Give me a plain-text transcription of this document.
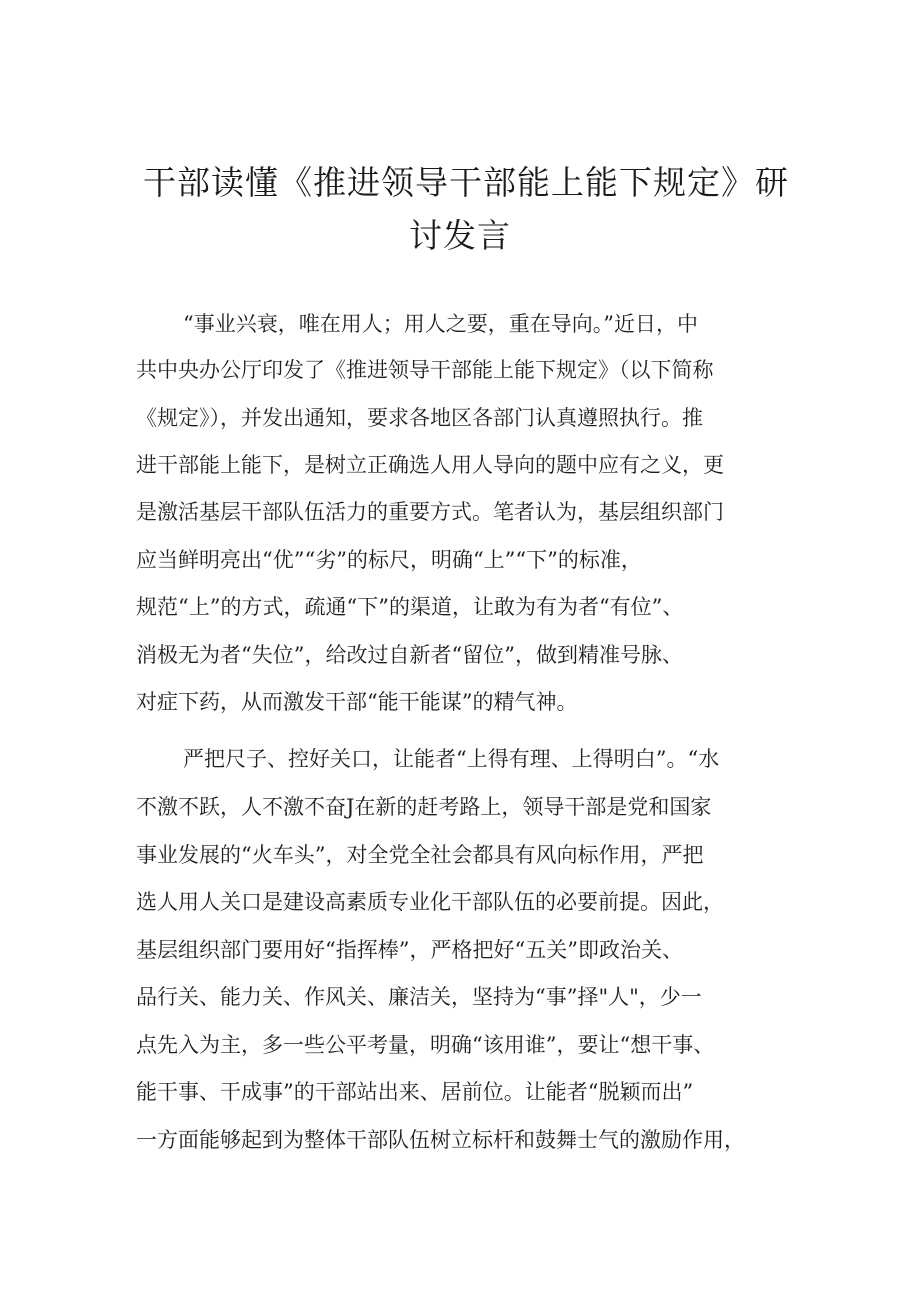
干部读懂《推进领导干部能上能下规定》研
讨发言
“事业兴衰，唯在用人；用人之要，重在导向。”近日，中
共中央办公厅印发了《推进领导干部能上能下规定》（以下简称
《规定》），并发出通知，要求各地区各部门认真遵照执行。推
进干部能上能下，是树立正确选人用人导向的题中应有之义，更
是激活基层干部队伍活力的重要方式。笔者认为，基层组织部门
应当鲜明亮出“优”“劣”的标尺，明确“上”“下”的标准，
规范“上”的方式，疏通“下”的渠道，让敢为有为者“有位”、
消极无为者“失位”，给改过自新者“留位”，做到精准号脉、
对症下药，从而激发干部“能干能谋”的精气神。
严把尺子、控好关口，让能者“上得有理、上得明白”。“水
不激不跃，人不激不奋J在新的赶考路上，领导干部是党和国家
事业发展的“火车头”，对全党全社会都具有风向标作用，严把
选人用人关口是建设高素质专业化干部队伍的必要前提。因此，
基层组织部门要用好“指挥棒”，严格把好“五关”即政治关、
品行关、能力关、作风关、廉洁关，坚持为“事”择"人"，少一
点先入为主，多一些公平考量，明确“该用谁”，要让“想干事、
能干事、干成事”的干部站出来、居前位。让能者“脱颖而出”
一方面能够起到为整体干部队伍树立标杆和鼓舞士气的激励作用，
